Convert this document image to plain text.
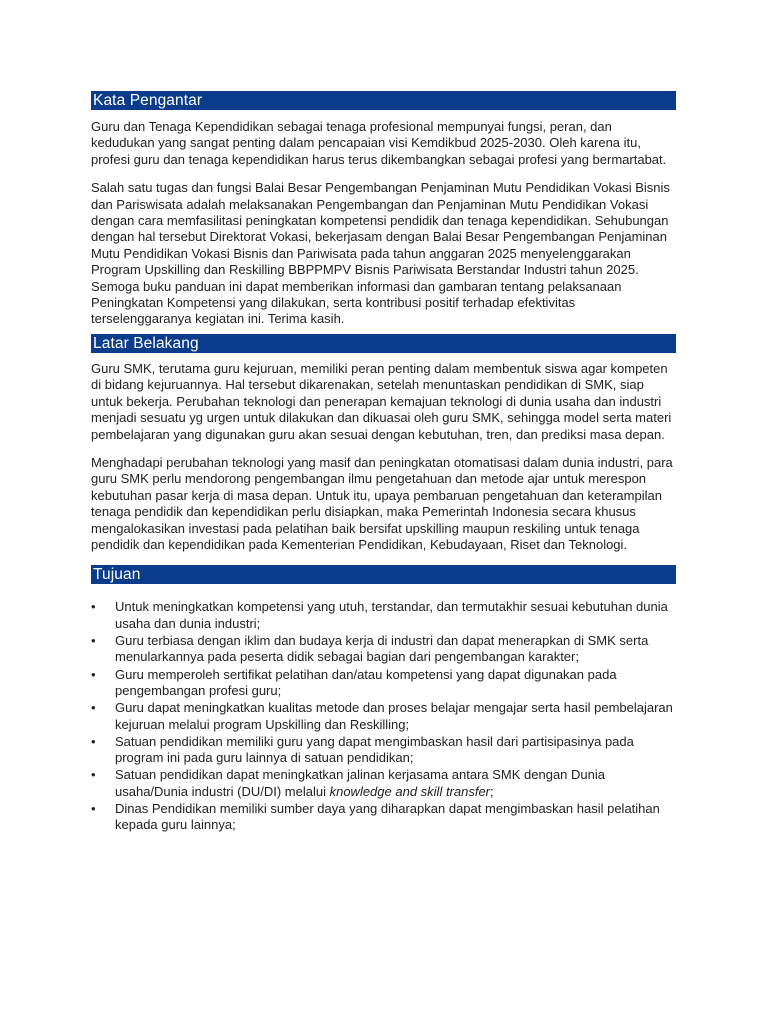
Kata Pengantar

Guru dan Tenaga Kependidikan sebagai tenaga profesional mempunyai fungsi, peran, dan kedudukan yang sangat penting dalam pencapaian visi Kemdikbud 2025-2030. Oleh karena itu, profesi guru dan tenaga kependidikan harus terus dikembangkan sebagai profesi yang bermartabat.

Salah satu tugas dan fungsi Balai Besar Pengembangan Penjaminan Mutu Pendidikan Vokasi Bisnis dan Pariswisata adalah melaksanakan Pengembangan dan Penjaminan Mutu Pendidikan Vokasi dengan cara memfasilitasi peningkatan kompetensi pendidik dan tenaga kependidikan. Sehubungan dengan hal tersebut Direktorat Vokasi, bekerjasam dengan Balai Besar Pengembangan Penjaminan Mutu Pendidikan Vokasi Bisnis dan Pariwisata pada tahun anggaran 2025 menyelenggarakan Program Upskilling dan Reskilling BBPPMPV Bisnis Pariwisata Berstandar Industri tahun 2025. Semoga buku panduan ini dapat memberikan informasi dan gambaran tentang pelaksanaan Peningkatan Kompetensi yang dilakukan, serta kontribusi positif terhadap efektivitas terselenggaranya kegiatan ini. Terima kasih.

Latar Belakang

Guru SMK, terutama guru kejuruan, memiliki peran penting dalam membentuk siswa agar kompeten di bidang kejuruannya. Hal tersebut dikarenakan, setelah menuntaskan pendidikan di SMK, siap untuk bekerja. Perubahan teknologi dan penerapan kemajuan teknologi di dunia usaha dan industri menjadi sesuatu yg urgen untuk dilakukan dan dikuasai oleh guru SMK, sehingga model serta materi pembelajaran yang digunakan guru akan sesuai dengan kebutuhan, tren, dan prediksi masa depan.

Menghadapi perubahan teknologi yang masif dan peningkatan otomatisasi dalam dunia industri, para guru SMK perlu mendorong pengembangan ilmu pengetahuan dan metode ajar untuk merespon kebutuhan pasar kerja di masa depan. Untuk itu, upaya pembaruan pengetahuan dan keterampilan tenaga pendidik dan kependidikan perlu disiapkan, maka Pemerintah Indonesia secara khusus mengalokasikan investasi pada pelatihan baik bersifat upskilling maupun reskiling untuk tenaga pendidik dan kependidikan pada Kementerian Pendidikan, Kebudayaan, Riset dan Teknologi.

Tujuan
•	Untuk meningkatkan kompetensi yang utuh, terstandar, dan termutakhir sesuai kebutuhan dunia usaha dan dunia industri;
•	Guru terbiasa dengan iklim dan budaya kerja di industri dan dapat menerapkan di SMK serta menularkannya pada peserta didik sebagai bagian dari pengembangan karakter;
•	Guru memperoleh sertifikat pelatihan dan/atau kompetensi yang dapat digunakan pada pengembangan profesi guru;
•	Guru dapat meningkatkan kualitas metode dan proses belajar mengajar serta hasil pembelajaran kejuruan melalui program Upskilling dan Reskilling;
•	Satuan pendidikan memiliki guru yang dapat mengimbaskan hasil dari partisipasinya pada program ini pada guru lainnya di satuan pendidikan;
•	Satuan pendidikan dapat meningkatkan jalinan kerjasama antara SMK dengan Dunia usaha/Dunia industri (DU/DI) melalui knowledge and skill transfer;
•	Dinas Pendidikan memiliki sumber daya yang diharapkan dapat mengimbaskan hasil pelatihan kepada guru lainnya;
